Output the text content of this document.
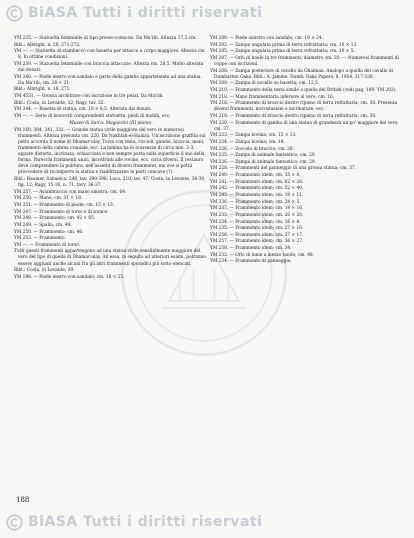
BiASA Tutti i diritti riservati
YM 235. — Statuetta femminile di tipo presso-coma-no. Da Ma'rib. Altezza 17,5 cm.
Bibl.: Albright, n. 20, 271-272.
YM —. — Statuetta di stambecco con basetta per attacco a corpo maggiore. Altezza cm 8. In ottime condizioni.
YM 239. — Statuetta femminile con braccia attaccate. Altezza cm. 28,5. Molto alterata dai donati.
YM 240. — Piede destro con sandalo e parte della gamba appartenente ad una statua. Da Ma'rib; cm. 26 × 21.
Bibl.: Albright, n. 18, 271.
YM 4531. — Grossa architrave con iscrizione in tre pezzi. Da Ma'rib.
Bibl.: Costa, in Levante, 32; Ragy, tav. 32.
YM 244. — Basetta di statua; cm. 10 × 8,5. Alterata dai donati.
YM —. — Serie di leoncetti comprendenti statuette, piedi di mobili, ecc.
Museo di Sun'a: Magazzini (III piano).
YM 160, 384, 241, 332. — Grande statua virile maggiore del vero in numerosi frammenti. Altezza presunta cm. 220. Da Nakhlah-el-Hamra. Un'iscrizione graffita sul petto accorda il nome di Dhamar-alay. Torso con testa, riccioli, gambe, braccia, mani, frammenti della catena craniale, ecc. La lamina ha le scarsezze di circa mm. 2-3, appare distorta, incrinata, schiacciata e non sempre porta sulla superficie il suo della forma. Parecchi frammenti unici, incostruiti alle rovine, ecc. circa diversi. Il restauro deve comprendere la pulitura, nell'assetto di diversi frammenti, ma ove si potrà provvedere di ricomporre la statua e riaddrizzarne le parti concave (?).
Bibl.: Raumer, Sabaeica, 246, tav. 390-396; Luca, 210, tav. 47; Costa, in Levante, 38-39, fig. 12; Ragy, 15-16, n. 71, tavv. 36-37.
YM 257. — Avambraccio con mano sinistra; cm. 64.
YM 250. — Mano; cm. 31 × 18.
YM 251. — Frammento di piede; cm. 15 × 13.
YM 247. — Frammento di torso e di torace.
YM 248. — Frammento; cm. 42 × 65.
YM 249. — Spalla; cm. 49.
YM 250. — Frammento; cm. 46.
YM 253. — Frammento.
YM —. — Frammento di torso.
Tutti questi frammenti appartengono ad una statua virile sensibilmente maggiore del vero del tipo di quella di Dhamar-alay. Ad essa, in seguito ad ulteriori esami, potranno essere aggiunti anche alcuni fra gli altri frammenti sporadici più sotto elencati.
Bibl.: Costa, in Levante, 39.
YM 198. — Piede destro con sandalo; cm. 18 × 25.
YM 200. — Piede sinistro con sandalo; cm. 19 × 24.
YM 202. — Zampe ungulata prima di terra refrattaria; cm. 10 × 13.
YM 205. — Zampe ungulata prima di terra refrattaria; cm. 10 × 5.
YM 207. — Orlo di baule in tre frammenti; diametro cm. 20. — Numerosi frammenti di coppe con iscrizioni.
YM 208. — Zampa posteriore di cavallo da Ghaiman. Analogo a quella del cavallo di Dumbarton Oaks. Bibl.: A. Jamme, Dumb. Oaks Papers, 8, 1954, 317-330.
YM 209. — Zampa di uccello su basetta; cm. 12,5.
YM 210. — Frammento della testa simile a quella del British (vedi pag. 189, YM 202).
YM 218. — Mano frammentaria inferiore al vero; cm. 16.
YM 218. — Frammento di braccio destro ripieno di terra refrattaria; cm. 30. Presenta diversi frammenti, incrostazioni e incrinature, ecc.
YM 219. — Frammento di braccio destro ripieno di terra refrattaria; cm. 30.
YM 220. — Frammento di gamba di una statua di grandezza un po' maggiore del vero; cm. 37.
YM 223. — Zampa bovina; cm. 15 × 13.
YM 224. — Zampa bovina; cm. 18.
YM 226. — Zoccolo di braccio; cm. 26.
YM 225. — Zampa di animale fantastico; cm. 29.
YM 226. — Zampa di animale fantastico; cm. 29.
YM 228. — Frammenti del panneggio di una grossa statua; cm. 37.
YM 240. — Frammento idem; cm. 35 × 8.
YM 241. — Frammento idem; cm. 62 × 26.
YM 242. — Frammento idem; cm. 52 × 40.
YM 243. — Frammento idem; cm. 19 × 11.
YM 236. — Frammento idem; cm. 24 × 5.
YM 237. — Frammento idem; cm. 14 × 16.
YM 233. — Frammento idem; cm. 20 × 20.
YM 234. — Frammento idem; cm. 16 × 8.
YM 235. — Frammento idem; cm. 27 × 16.
YM 256. — Frammento idem; cm. 37 × 17.
YM 257. — Frammento idem; cm. 36 × 27.
YM 258. — Frammento idem; cm. 34.
YM 232. — Orlo di lume a mezzo tondo; cm. 48.
YM 234. — Frammento di panneggio.
188
BiASA Tutti i diritti riservati
